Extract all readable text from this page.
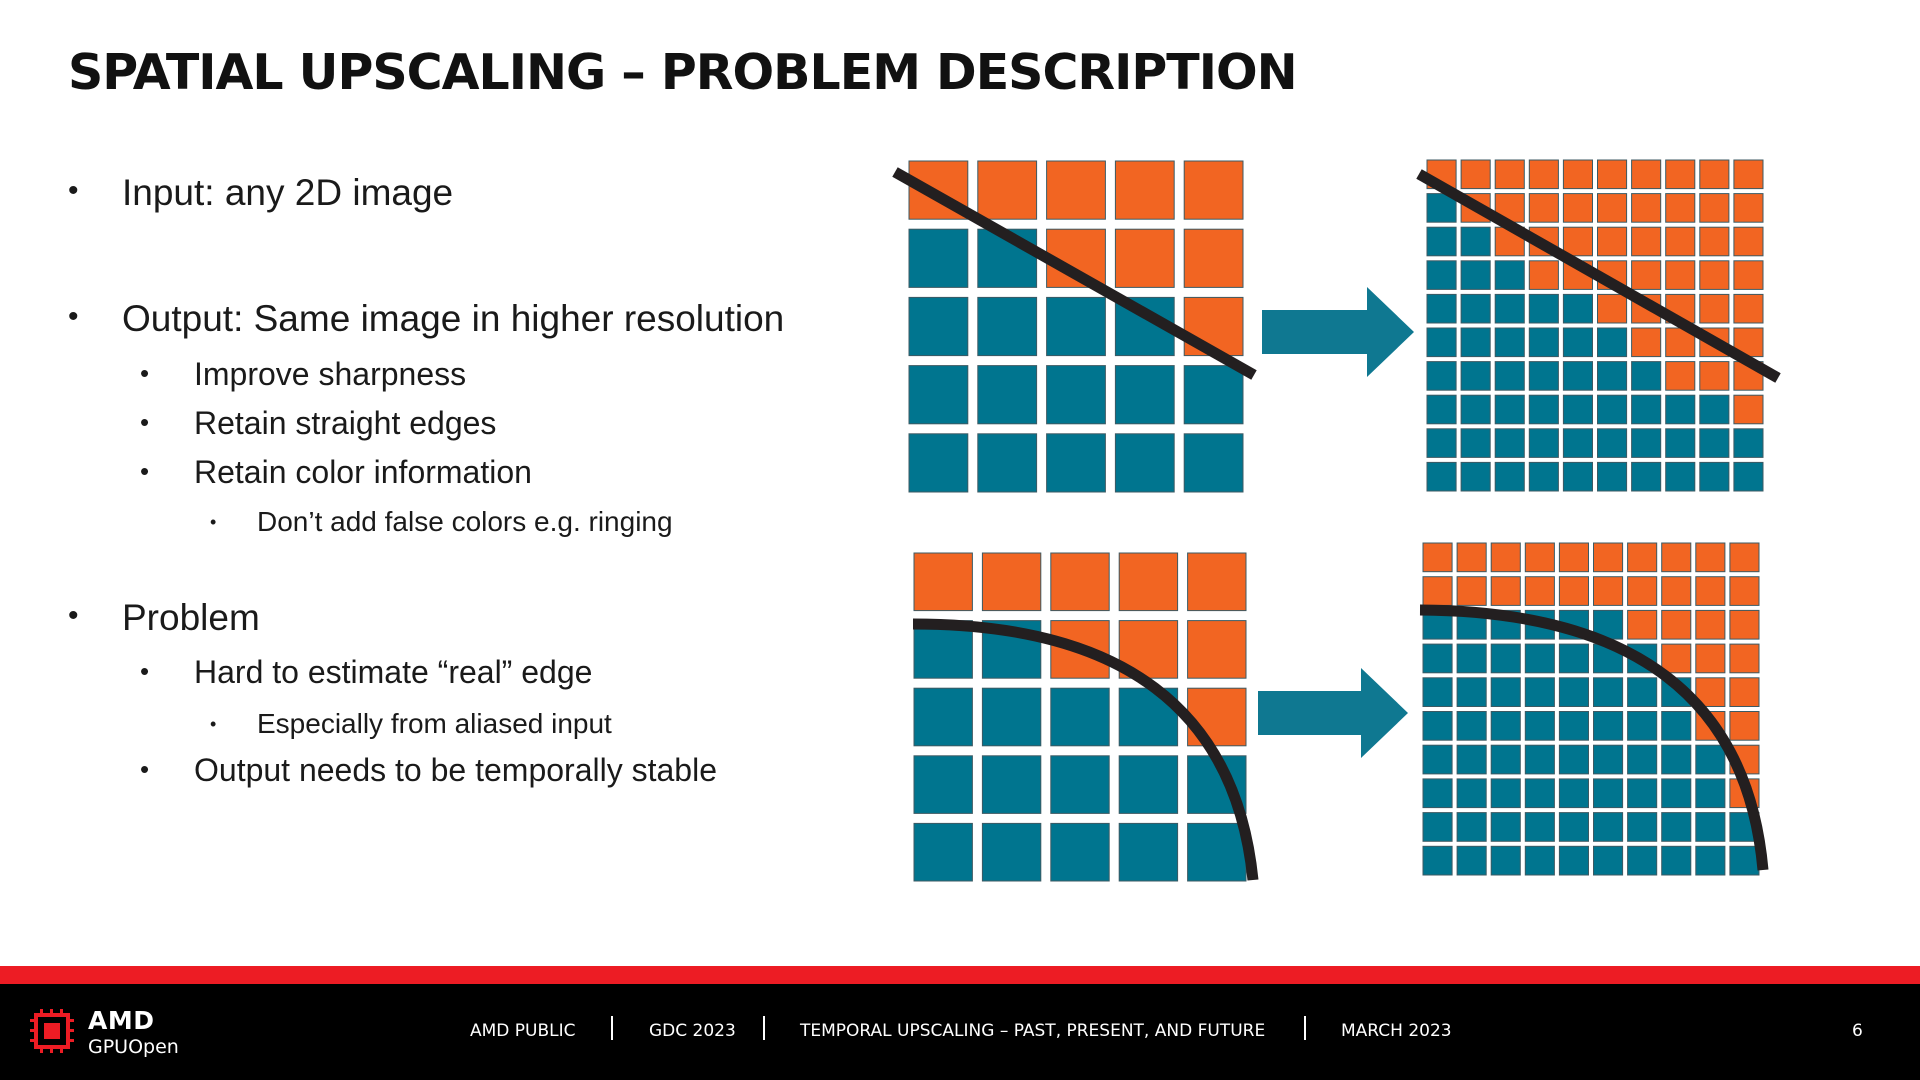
SPATIAL UPSCALING – PROBLEM DESCRIPTION
• Input: any 2D image
• Output: Same image in higher resolution
• Improve sharpness
• Retain straight edges
• Retain color information
• Don’t add false colors e.g. ringing
• Problem
• Hard to estimate “real” edge
• Especially from aliased input
• Output needs to be temporally stable
AMD
GPUOpen
AMD PUBLIC	GDC 2023	TEMPORAL UPSCALING – PAST, PRESENT, AND FUTURE	MARCH 2023	6
